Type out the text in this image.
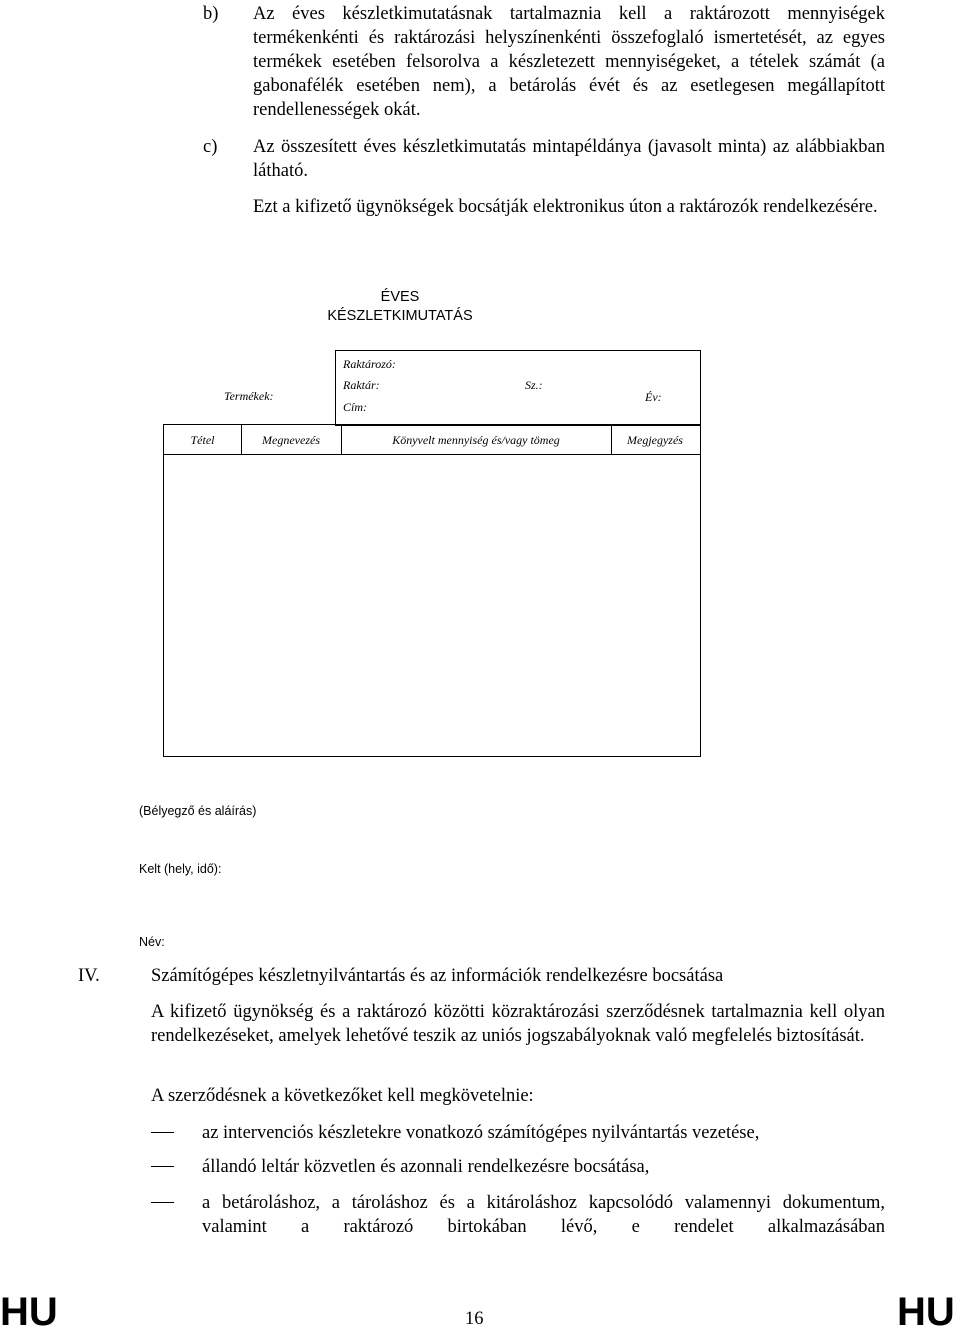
b) Az éves készletkimutatásnak tartalmaznia kell a raktározott mennyiségek termékenkénti és raktározási helyszínenkénti összefoglaló ismertetését, az egyes termékek esetében felsorolva a készletezett mennyiségeket, a tételek számát (a gabonafélék esetében nem), a betárolás évét és az esetlegesen megállapított rendellenességek okát.
c) Az összesített éves készletkimutatás mintapéldánya (javasolt minta) az alábbiakban látható.
Ezt a kifizető ügynökségek bocsátják elektronikus úton a raktározók rendelkezésére.
ÉVES
KÉSZLETKIMUTATÁS
Termékek:
Raktározó:
Raktár:	Sz.:
Cím:
Év:
Tétel	Megnevezés	Könyvelt mennyiség és/vagy tömeg	Megjegyzés
(Bélyegző és aláírás)
Kelt (hely, idő):
Név:
IV.	Számítógépes készletnyilvántartás és az információk rendelkezésre bocsátása
A kifizető ügynökség és a raktározó közötti közraktározási szerződésnek tartalmaznia kell olyan rendelkezéseket, amelyek lehetővé teszik az uniós jogszabályoknak való megfelelés biztosítását.
A szerződésnek a következőket kell megkövetelnie:
az intervenciós készletekre vonatkozó számítógépes nyilvántartás vezetése,
állandó leltár közvetlen és azonnali rendelkezésre bocsátása,
a betároláshoz, a tároláshoz és a kitároláshoz kapcsolódó valamennyi dokumentum, valamint a raktározó birtokában lévő, e rendelet alkalmazásában
HU	16	HU
